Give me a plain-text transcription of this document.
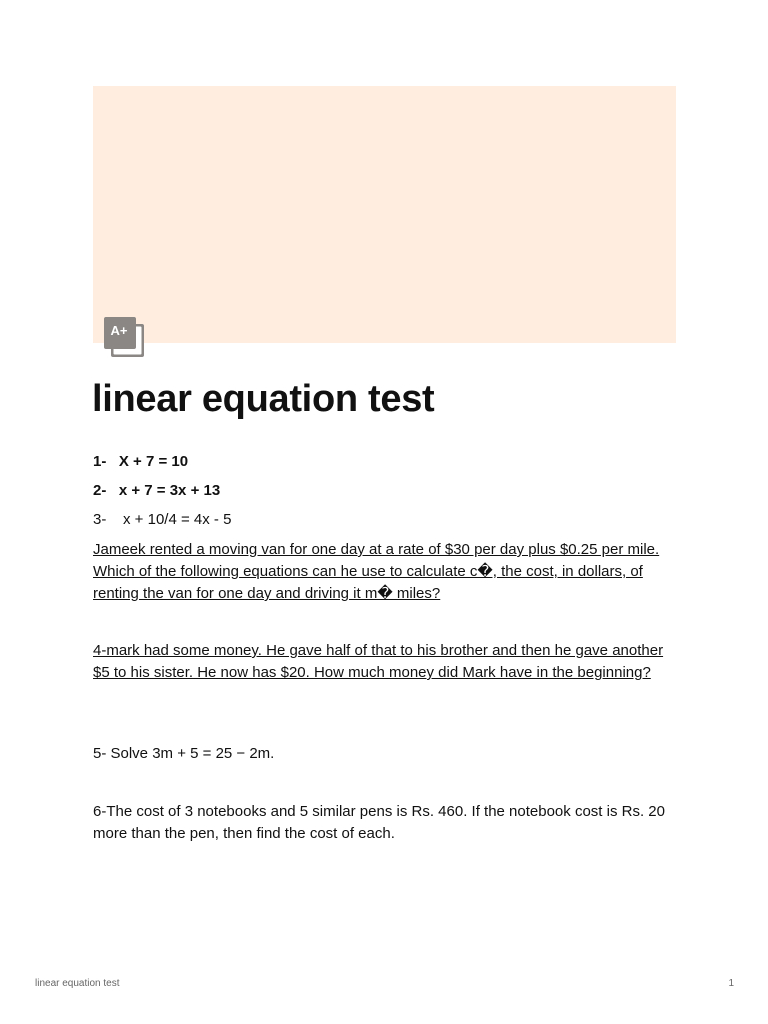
A+
linear equation test

1-   X + 7 = 10

2-   x + 7 = 3x + 13

3-    x + 10/4 = 4x - 5

Jameek rented a moving van for one day at a rate of $30 per day plus $0.25 per mile. Which of the following equations can he use to calculate c�, the cost, in dollars, of renting the van for one day and driving it m� miles?

4-mark had some money. He gave half of that to his brother and then he gave another $5 to his sister. He now has $20. How much money did Mark have in the beginning?

5- Solve 3m + 5 = 25 − 2m.

6-The cost of 3 notebooks and 5 similar pens is Rs. 460. If the notebook cost is Rs. 20 more than the pen, then find the cost of each.

linear equation test	1
